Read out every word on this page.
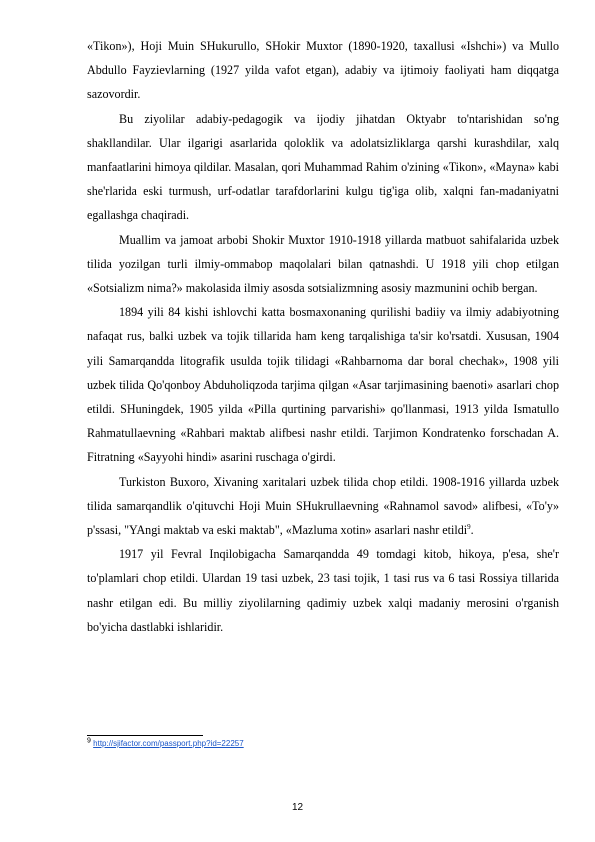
«Tikon»), Hoji Muin SHukurullo, SHokir Muxtor (1890-1920, taxallusi «Ishchi») va Mullo Abdullo Fayzievlarning (1927 yilda vafot etgan), adabiy va ijtimoiy faoliyati ham diqqatga sazovordir.

Bu ziyolilar adabiy-pedagogik va ijodiy jihatdan Oktyabr to'ntarishidan so'ng shakllandilar. Ular ilgarigi asarlarida qoloklik va adolatsizliklarga qarshi kurashdilar, xalq manfaatlarini himoya qildilar. Masalan, qori Muhammad Rahim o'zining «Tikon», «Mayna» kabi she'rlarida eski turmush, urf-odatlar tarafdorlarini kulgu tig'iga olib, xalqni fan-madaniyatni egallashga chaqiradi.

Muallim va jamoat arbobi Shokir Muxtor 1910-1918 yillarda matbuot sahifalarida uzbek tilida yozilgan turli ilmiy-ommabop maqolalari bilan qatnashdi. U 1918 yili chop etilgan «Sotsializm nima?» makolasida ilmiy asosda sotsializmning asosiy mazmunini ochib bergan.

1894 yili 84 kishi ishlovchi katta bosmaxonaning qurilishi badiiy va ilmiy adabiyotning nafaqat rus, balki uzbek va tojik tillarida ham keng tarqalishiga ta'sir ko'rsatdi. Xususan, 1904 yili Samarqandda litografik usulda tojik tilidagi «Rahbarnoma dar boral chechak», 1908 yili uzbek tilida Qo'qonboy Abduholiqzoda tarjima qilgan «Asar tarjimasining baenoti» asarlari chop etildi. SHuningdek, 1905 yilda «Pilla qurtining parvarishi» qo'llanmasi, 1913 yilda Ismatullo Rahmatullaevning «Rahbari maktab alifbesi nashr etildi. Tarjimon Kondratenko forschadan A. Fitratning «Sayyohi hindi» asarini ruschaga o'girdi.

Turkiston Buxoro, Xivaning xaritalari uzbek tilida chop etildi. 1908-1916 yillarda uzbek tilida samarqandlik o'qituvchi Hoji Muin SHukrullaevning «Rahnamol savod» alifbesi, «To'y» p'ssasi, "YAngi maktab va eski maktab", «Mazluma xotin» asarlari nashr etildi$^9$.

1917 yil Fevral Inqilobigacha Samarqandda 49 tomdagi kitob, hikoya, p'esa, she'r to'plamlari chop etildi. Ulardan 19 tasi uzbek, 23 tasi tojik, 1 tasi rus va 6 tasi Rossiya tillarida nashr etilgan edi. Bu milliy ziyolilarning qadimiy uzbek xalqi madaniy merosini o'rganish bo'yicha dastlabki ishlaridir.

$^9$ http://sjifactor.com/passport.php?id=22257
12
